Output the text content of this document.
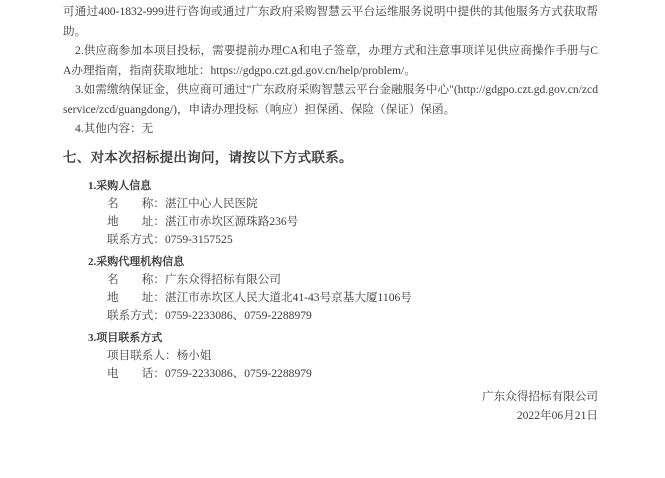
可通过400-1832-999进行咨询或通过广东政府采购智慧云平台运维服务说明中提供的其他服务方式获取帮助。

2.供应商参加本项目投标，需要提前办理CA和电子签章，办理方式和注意事项详见供应商操作手册与CA办理指南，指南获取地址：https://gdgpo.czt.gd.gov.cn/help/problem/。

3.如需缴纳保证金，供应商可通过"广东政府采购智慧云平台金融服务中心"(http://gdgpo.czt.gd.gov.cn/zcdservice/zcd/guangdong/)，申请办理投标（响应）担保函、保险（保证）保函。

4.其他内容：无

七、对本次招标提出询问，请按以下方式联系。
1.采购人信息
名　　称：湛江中心人民医院
地　　址：湛江市赤坎区源珠路236号
联系方式：0759-3157525
2.采购代理机构信息
名　　称：广东众得招标有限公司
地　　址：湛江市赤坎区人民大道北41-43号京基大厦1106号
联系方式：0759-2233086、0759-2288979
3.项目联系方式
项目联系人：杨小姐
电　　话：0759-2233086、0759-2288979
广东众得招标有限公司
2022年06月21日
